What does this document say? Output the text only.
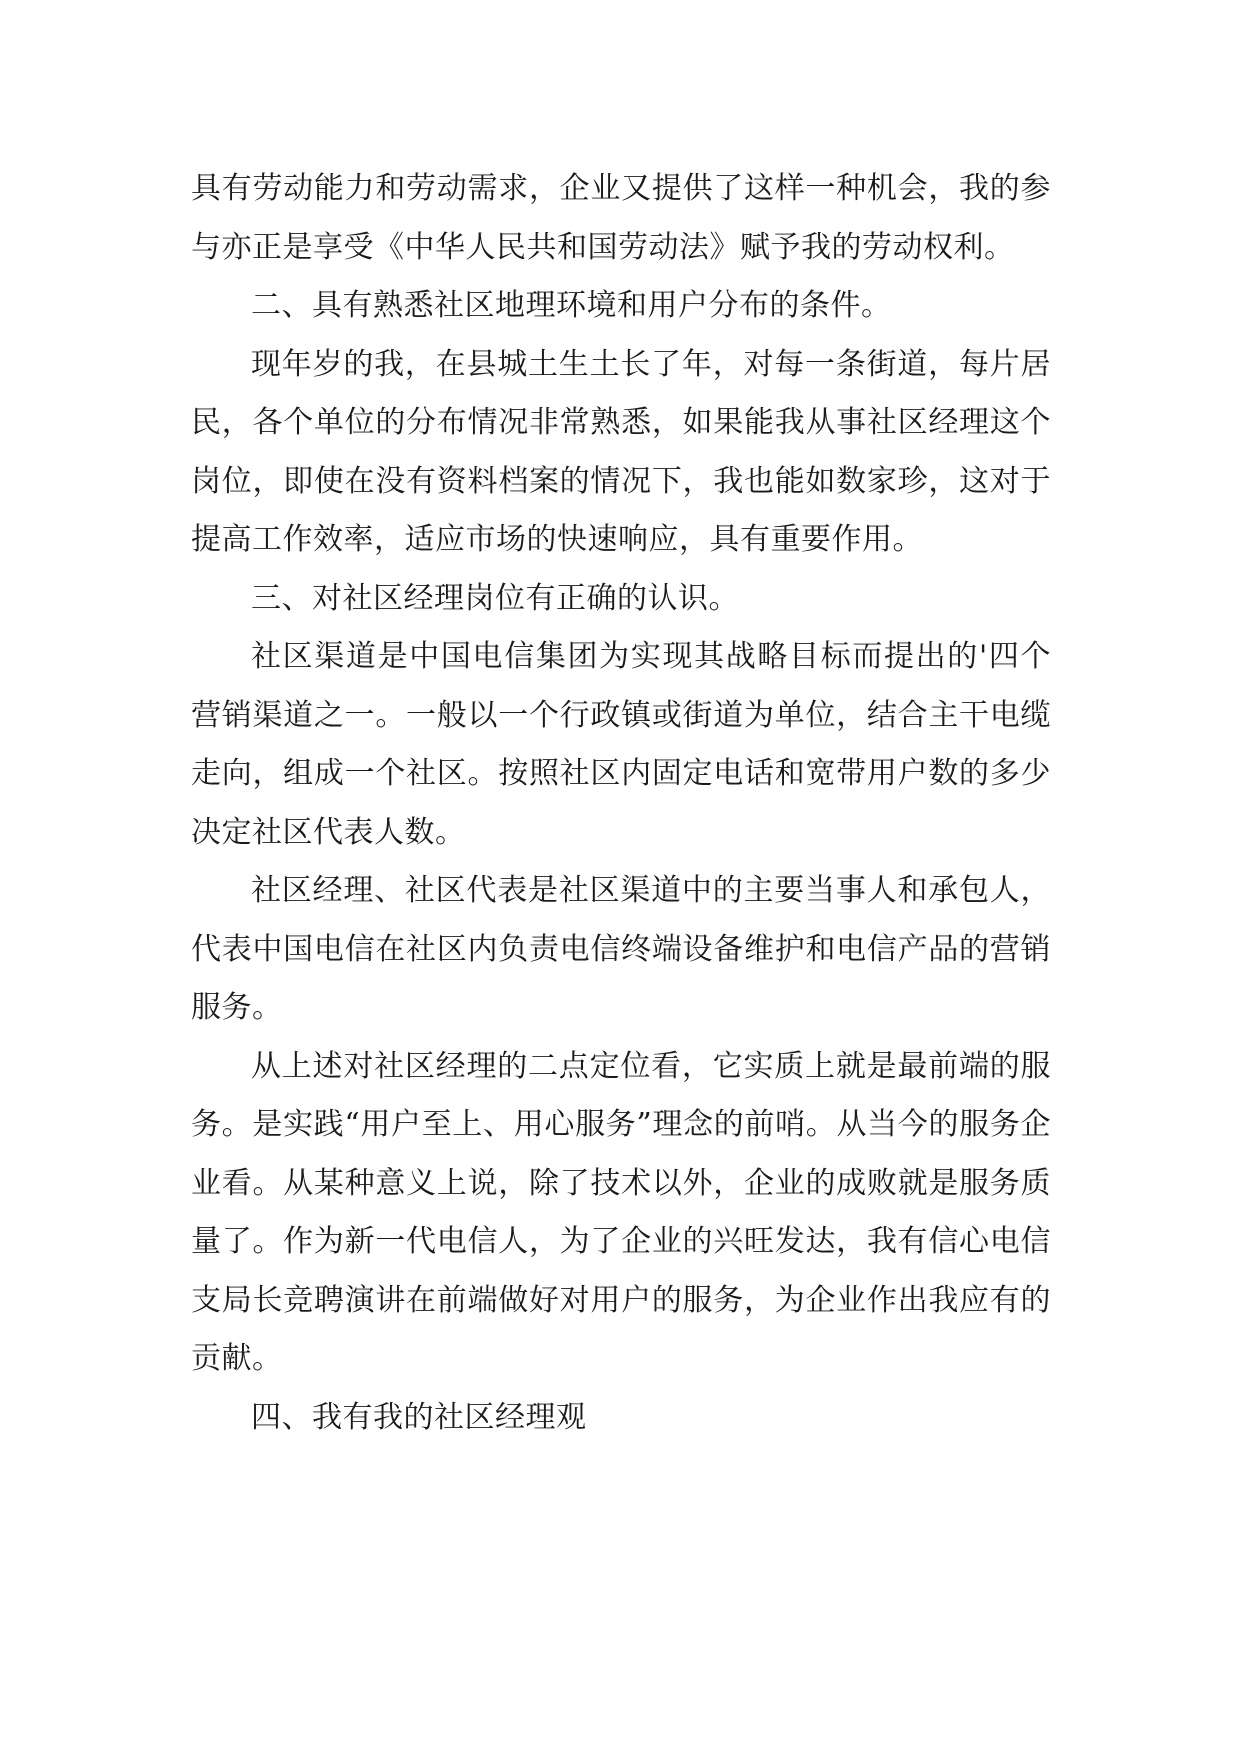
具有劳动能力和劳动需求，企业又提供了这样一种机会，我的参与亦正是享受《中华人民共和国劳动法》赋予我的劳动权利。

二、具有熟悉社区地理环境和用户分布的条件。

现年岁的我，在县城土生土长了年，对每一条街道，每片居民，各个单位的分布情况非常熟悉，如果能我从事社区经理这个岗位，即使在没有资料档案的情况下，我也能如数家珍，这对于提高工作效率，适应市场的快速响应，具有重要作用。

三、对社区经理岗位有正确的认识。

社区渠道是中国电信集团为实现其战略目标而提出的'四个营销渠道之一。一般以一个行政镇或街道为单位，结合主干电缆走向，组成一个社区。按照社区内固定电话和宽带用户数的多少决定社区代表人数。

社区经理、社区代表是社区渠道中的主要当事人和承包人，代表中国电信在社区内负责电信终端设备维护和电信产品的营销服务。

从上述对社区经理的二点定位看，它实质上就是最前端的服务。是实践“用户至上、用心服务”理念的前哨。从当今的服务企业看。从某种意义上说，除了技术以外，企业的成败就是服务质量了。作为新一代电信人，为了企业的兴旺发达，我有信心电信支局长竞聘演讲在前端做好对用户的服务，为企业作出我应有的贡献。

四、我有我的社区经理观
